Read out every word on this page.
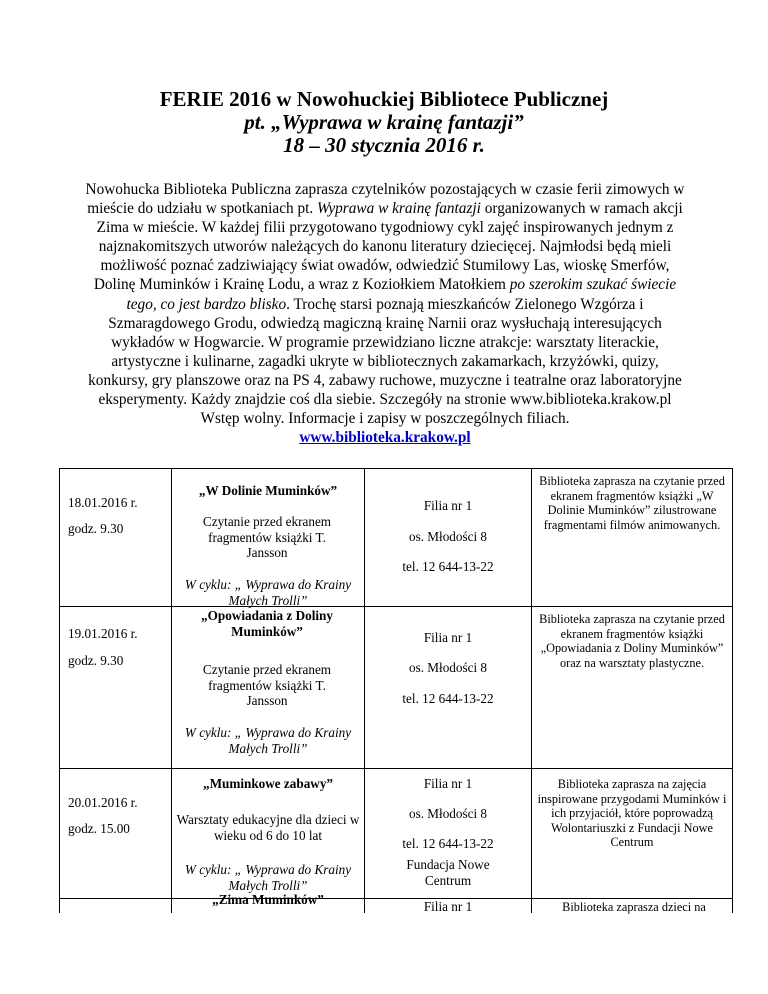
FERIE 2016 w Nowohuckiej Bibliotece Publicznej
pt. „Wyprawa w krainę fantazji”
18 – 30 stycznia 2016 r.
Nowohucka Biblioteka Publiczna zaprasza czytelników pozostających w czasie ferii zimowych w mieście do udziału w spotkaniach pt. Wyprawa w krainę fantazji organizowanych w ramach akcji Zima w mieście. W każdej filii przygotowano tygodniowy cykl zajęć inspirowanych jednym z najznakomitszych utworów należących do kanonu literatury dziecięcej. Najmłodsi będą mieli możliwość poznać zadziwiający świat owadów, odwiedzić Stumilowy Las, wioskę Smerfów, Dolinę Muminków i Krainę Lodu, a wraz z Koziołkiem Matołkiem po szerokim szukać świecie tego, co jest bardzo blisko. Trochę starsi poznają mieszkańców Zielonego Wzgórza i Szmaragdowego Grodu, odwiedzą magiczną krainę Narnii oraz wysłuchają interesujących wykładów w Hogwarcie. W programie przewidziano liczne atrakcje: warsztaty literackie, artystyczne i kulinarne, zagadki ukryte w bibliotecznych zakamarkach, krzyżówki, quizy, konkursy, gry planszowe oraz na PS 4, zabawy ruchowe, muzyczne i teatralne oraz laboratoryjne eksperymenty. Każdy znajdzie coś dla siebie. Szczegóły na stronie www.biblioteka.krakow.pl
Wstęp wolny. Informacje i zapisy w poszczególnych filiach.
www.biblioteka.krakow.pl
18.01.2016 r.
godz. 9.30
„W Dolinie Muminków”
Czytanie przed ekranem fragmentów książki T. Jansson
Filia nr 1
os. Młodości 8
tel. 12 644-13-22
Biblioteka zaprasza na czytanie przed ekranem fragmentów książki „W Dolinie Muminków” zilustrowane fragmentami filmów animowanych.
W cyklu: „ Wyprawa do Krainy Małych Trolli”
„Opowiadania z Doliny Muminków”
19.01.2016 r.
godz. 9.30
Czytanie przed ekranem fragmentów książki T. Jansson
W cyklu: „ Wyprawa do Krainy Małych Trolli”
Filia nr 1
os. Młodości 8
tel. 12 644-13-22
Biblioteka zaprasza na czytanie przed ekranem fragmentów książki „Opowiadania z Doliny Muminków” oraz na warsztaty plastyczne.
„Muminkowe zabawy”
20.01.2016 r.
godz. 15.00
Warsztaty edukacyjne dla dzieci w wieku od 6 do 10 lat
W cyklu: „ Wyprawa do Krainy Małych Trolli”
Filia nr 1
os. Młodości 8
tel. 12 644-13-22
Fundacja Nowe Centrum
Biblioteka zaprasza na zajęcia inspirowane przygodami Muminków i ich przyjaciół, które poprowadzą Wolontariuszki z Fundacji Nowe Centrum
„Zima Muminków”	Filia nr 1	Biblioteka zaprasza dzieci na
